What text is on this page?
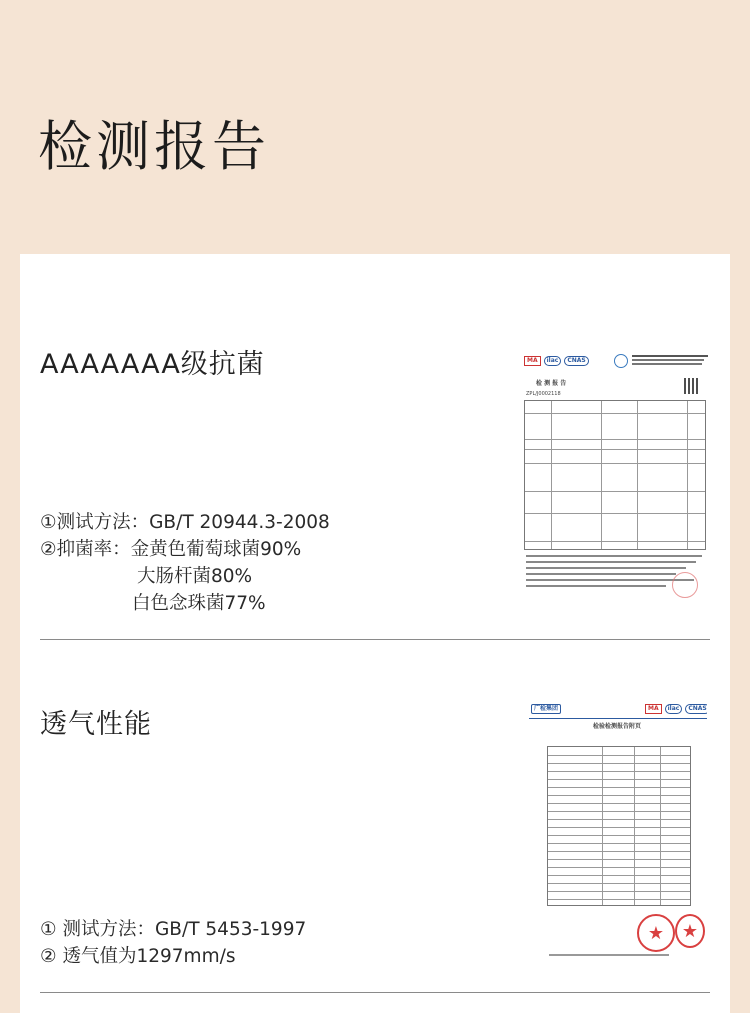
检测报告
AAAAAAA级抗菌
①测试方法：GB/T 20944.3-2008
②抑菌率：金黄色葡萄球菌90%
大肠杆菌80%
白色念珠菌77%
MA	ilac	CNAS
检 测 报 告
ZPL/J0002118
透气性能
① 测试方法：GB/T 5453-1997
② 透气值为1297mm/s
广检集团	MA	ilac	CNAS
检验检测报告附页
★ ★
